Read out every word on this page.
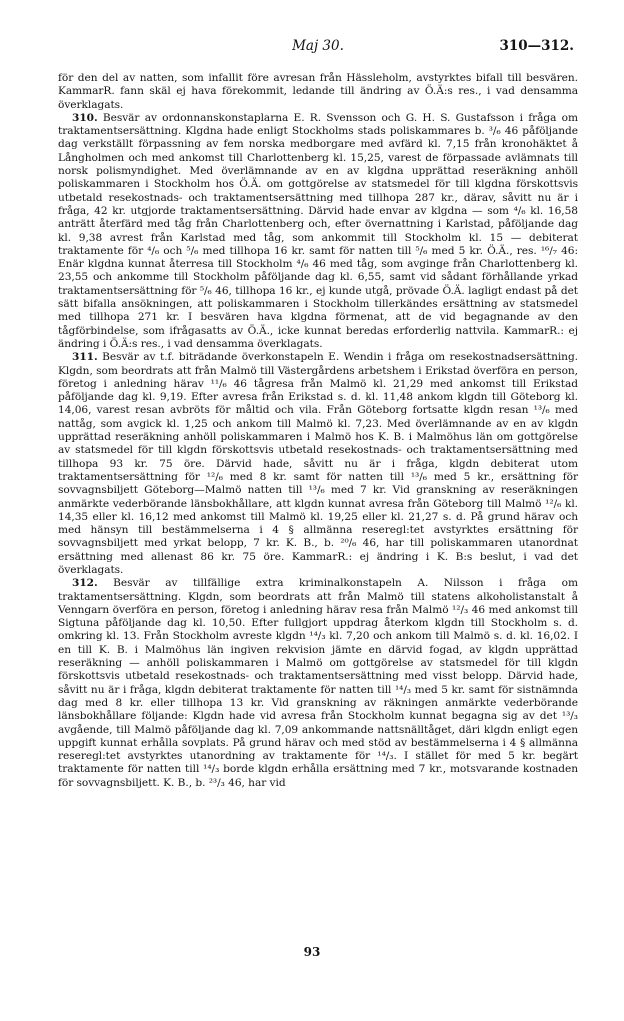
Maj 30.	310—312.

för den del av natten, som infallit före avresan från Hässleholm, avstyrktes bifall till besvären. KammarR. fann skäl ej hava förekommit, ledande till ändring av Ö.Ä:s res., i vad densamma överklagats.

310. Besvär av ordonnanskonstaplarna E. R. Svensson och G. H. S. Gustafsson i fråga om traktamentsersättning. Klgdna hade enligt Stockholms stads poliskammares b. ³/₆ 46 påföljande dag verkställt förpassning av fem norska medborgare med avfärd kl. 7,15 från kronohäktet å Långholmen och med ankomst till Charlottenberg kl. 15,25, varest de förpassade avlämnats till norsk polismyndighet. Med överlämnande av en av klgdna upprättad reseräkning anhöll poliskammaren i Stockholm hos Ö.Ä. om gottgörelse av statsmedel för till klgdna förskottsvis utbetald resekostnads- och traktamentsersättning med tillhopa 287 kr., därav, såvitt nu är i fråga, 42 kr. utgjorde traktamentsersättning. Därvid hade envar av klgdna — som ⁴/₆ kl. 16,58 anträtt återfärd med tåg från Charlottenberg och, efter övernattning i Karlstad, påföljande dag kl. 9,38 avrest från Karlstad med tåg, som ankommit till Stockholm kl. 15 — debiterat traktamente för ⁴/₆ och ⁵/₆ med tillhopa 16 kr. samt för natten till ⁵/₆ med 5 kr. Ö.Ä., res. ¹⁶/₇ 46: Enär klgdna kunnat återresa till Stockholm ⁴/₆ 46 med tåg, som avginge från Charlottenberg kl. 23,55 och ankomme till Stockholm påföljande dag kl. 6,55, samt vid sådant förhållande yrkad traktamentsersättning för ⁵/₆ 46, tillhopa 16 kr., ej kunde utgå, prövade Ö.Ä. lagligt endast på det sätt bifalla ansökningen, att poliskammaren i Stockholm tillerkändes ersättning av statsmedel med tillhopa 271 kr. I besvären hava klgdna förmenat, att de vid begagnande av den tågförbindelse, som ifrågasatts av Ö.Ä., icke kunnat beredas erforderlig nattvila. KammarR.: ej ändring i Ö.Ä:s res., i vad densamma överklagats.

311. Besvär av t.f. biträdande överkonstapeln E. Wendin i fråga om resekostnadsersättning. Klgdn, som beordrats att från Malmö till Västergårdens arbetshem i Erikstad överföra en person, företog i anledning härav ¹¹/₆ 46 tågresa från Malmö kl. 21,29 med ankomst till Erikstad påföljande dag kl. 9,19. Efter avresa från Erikstad s. d. kl. 11,48 ankom klgdn till Göteborg kl. 14,06, varest resan avbröts för måltid och vila. Från Göteborg fortsatte klgdn resan ¹³/₆ med nattåg, som avgick kl. 1,25 och ankom till Malmö kl. 7,23. Med överlämnande av en av klgdn upprättad reseräkning anhöll poliskammaren i Malmö hos K. B. i Malmöhus län om gottgörelse av statsmedel för till klgdn förskottsvis utbetald resekostnads- och traktamentsersättning med tillhopa 93 kr. 75 öre. Därvid hade, såvitt nu är i fråga, klgdn debiterat utom traktamentsersättning för ¹²/₆ med 8 kr. samt för natten till ¹³/₆ med 5 kr., ersättning för sovvagnsbiljett Göteborg—Malmö natten till ¹³/₆ med 7 kr. Vid granskning av reseräkningen anmärkte vederbörande länsbokhållare, att klgdn kunnat avresa från Göteborg till Malmö ¹²/₆ kl. 14,35 eller kl. 16,12 med ankomst till Malmö kl. 19,25 eller kl. 21,27 s. d. På grund härav och med hänsyn till bestämmelserna i 4 § allmänna reseregl:tet avstyrktes ersättning för sovvagnsbiljett med yrkat belopp, 7 kr. K. B., b. ²⁰/₆ 46, har till poliskammaren utanordnat ersättning med allenast 86 kr. 75 öre. KammarR.: ej ändring i K. B:s beslut, i vad det överklagats.

312. Besvär av tillfällige extra kriminalkonstapeln A. Nilsson i fråga om traktamentsersättning. Klgdn, som beordrats att från Malmö till statens alkoholistanstalt å Venngarn överföra en person, företog i anledning härav resa från Malmö ¹²/₃ 46 med ankomst till Sigtuna påföljande dag kl. 10,50. Efter fullgjort uppdrag återkom klgdn till Stockholm s. d. omkring kl. 13. Från Stockholm avreste klgdn ¹⁴/₃ kl. 7,20 och ankom till Malmö s. d. kl. 16,02. I en till K. B. i Malmöhus län ingiven rekvision jämte en därvid fogad, av klgdn upprättad reseräkning — anhöll poliskammaren i Malmö om gottgörelse av statsmedel för till klgdn förskottsvis utbetald resekostnads- och traktamentsersättning med visst belopp. Därvid hade, såvitt nu är i fråga, klgdn debiterat traktamente för natten till ¹⁴/₃ med 5 kr. samt för sistnämnda dag med 8 kr. eller tillhopa 13 kr. Vid granskning av räkningen anmärkte vederbörande länsbokhållare följande: Klgdn hade vid avresa från Stockholm kunnat begagna sig av det ¹³/₃ avgående, till Malmö påföljande dag kl. 7,09 ankommande nattsnälltåget, däri klgdn enligt egen uppgift kunnat erhålla sovplats. På grund härav och med stöd av bestämmelserna i 4 § allmänna reseregl:tet avstyrktes utanordning av traktamente för ¹⁴/₃. I stället för med 5 kr. begärt traktamente för natten till ¹⁴/₃ borde klgdn erhålla ersättning med 7 kr., motsvarande kostnaden för sovvagnsbiljett. K. B., b. ²³/₃ 46, har vid

93
